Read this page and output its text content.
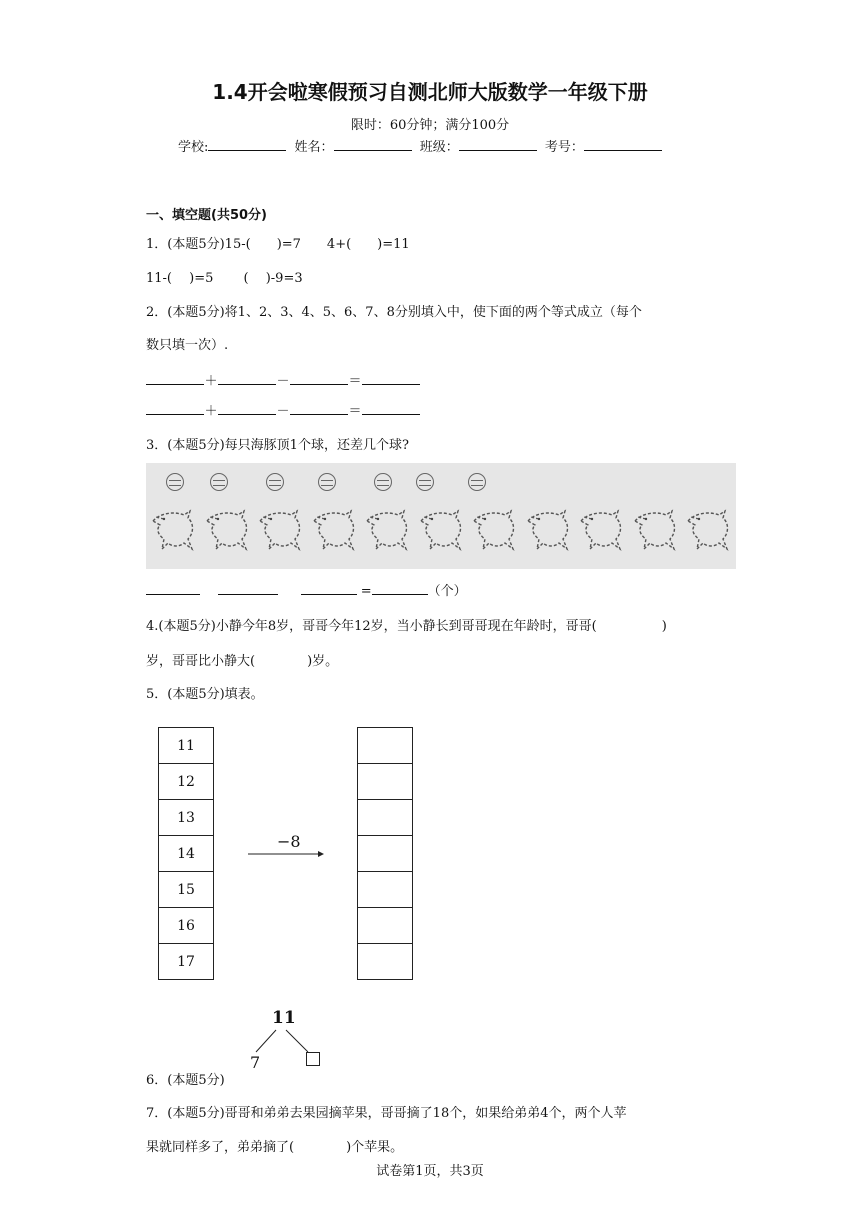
1.4开会啦寒假预习自测北师大版数学一年级下册
限时：60分钟；满分100分
学校:	姓名：	班级：	考号：
一、填空题(共50分)
1．(本题5分)15-(　　)=7　　4+(　　)=11
11-(　 )=5　　 (　 )-9=3
2．(本题5分)将1、2、3、4、5、6、7、8分别填入中，使下面的两个等式成立（每个
数只填一次）.
＋	－	＝
＋	－	＝
3．(本题5分)每只海豚顶1个球，还差几个球?
=	（个）
4.(本题5分)小静今年8岁，哥哥今年12岁，当小静长到哥哥现在年龄时，哥哥(　　　　　)
岁，哥哥比小静大(　　　　)岁。
5．(本题5分)填表。
11
12
13
14
15
16
17
−8

11
7
6．(本题5分)
7．(本题5分)哥哥和弟弟去果园摘苹果，哥哥摘了18个，如果给弟弟4个，两个人苹
果就同样多了，弟弟摘了(　　　　)个苹果。
试卷第1页，共3页
